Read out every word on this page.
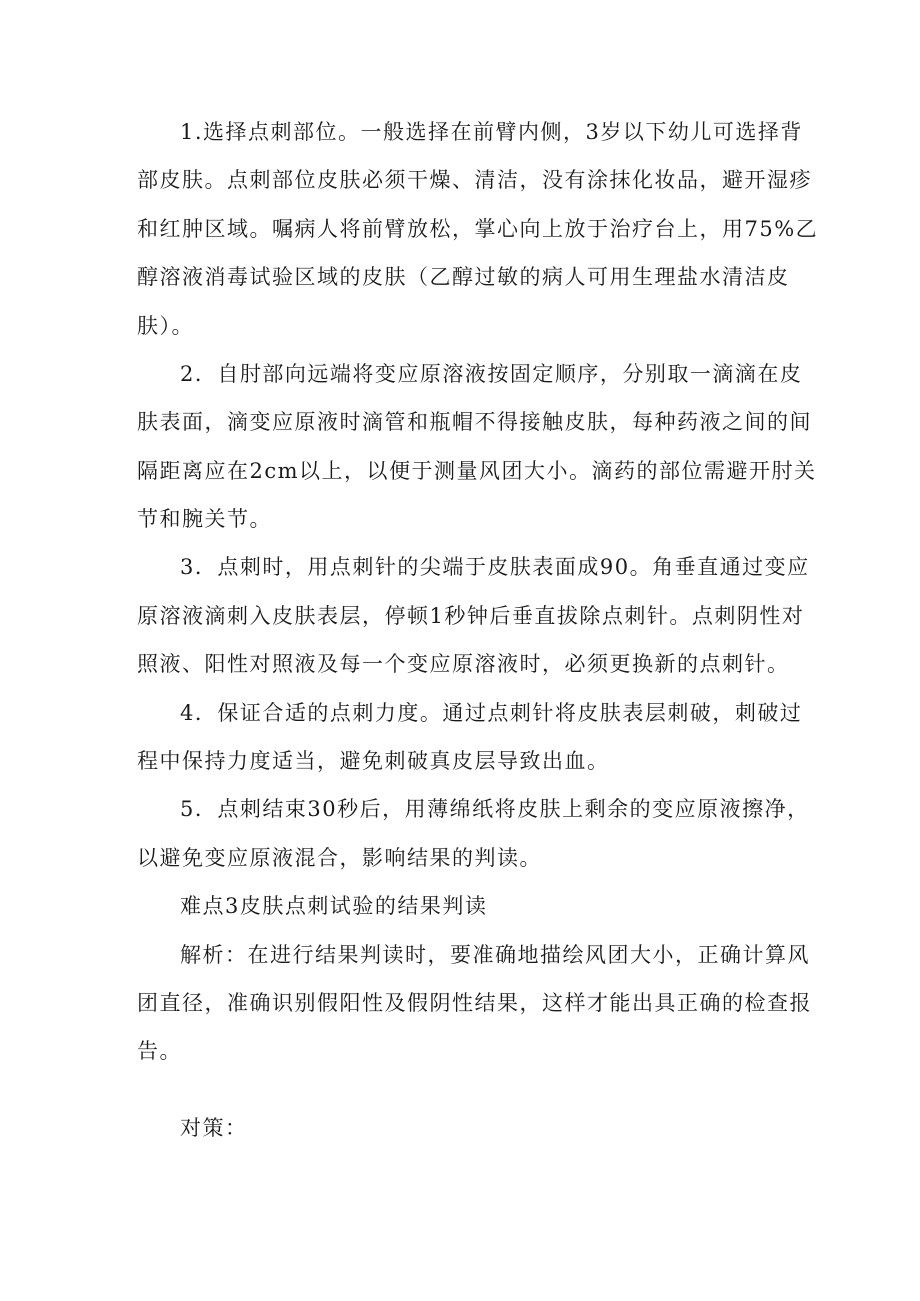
1.选择点刺部位。一般选择在前臂内侧，3岁以下幼儿可选择背
部皮肤。点刺部位皮肤必须干燥、清洁，没有涂抹化妆品，避开湿疹
和红肿区域。嘱病人将前臂放松，掌心向上放于治疗台上，用75%乙
醇溶液消毒试验区域的皮肤（乙醇过敏的病人可用生理盐水清洁皮
肤）。
2．自肘部向远端将变应原溶液按固定顺序，分别取一滴滴在皮
肤表面，滴变应原液时滴管和瓶帽不得接触皮肤，每种药液之间的间
隔距离应在2cm以上，以便于测量风团大小。滴药的部位需避开肘关
节和腕关节。
3．点刺时，用点刺针的尖端于皮肤表面成90。角垂直通过变应
原溶液滴刺入皮肤表层，停顿1秒钟后垂直拔除点刺针。点刺阴性对
照液、阳性对照液及每一个变应原溶液时，必须更换新的点刺针。
4．保证合适的点刺力度。通过点刺针将皮肤表层刺破，刺破过
程中保持力度适当，避免刺破真皮层导致出血。
5．点刺结束30秒后，用薄绵纸将皮肤上剩余的变应原液擦净，
以避免变应原液混合，影响结果的判读。
难点3皮肤点刺试验的结果判读
解析：在进行结果判读时，要准确地描绘风团大小，正确计算风
团直径，准确识别假阳性及假阴性结果，这样才能出具正确的检查报
告。
对策：
